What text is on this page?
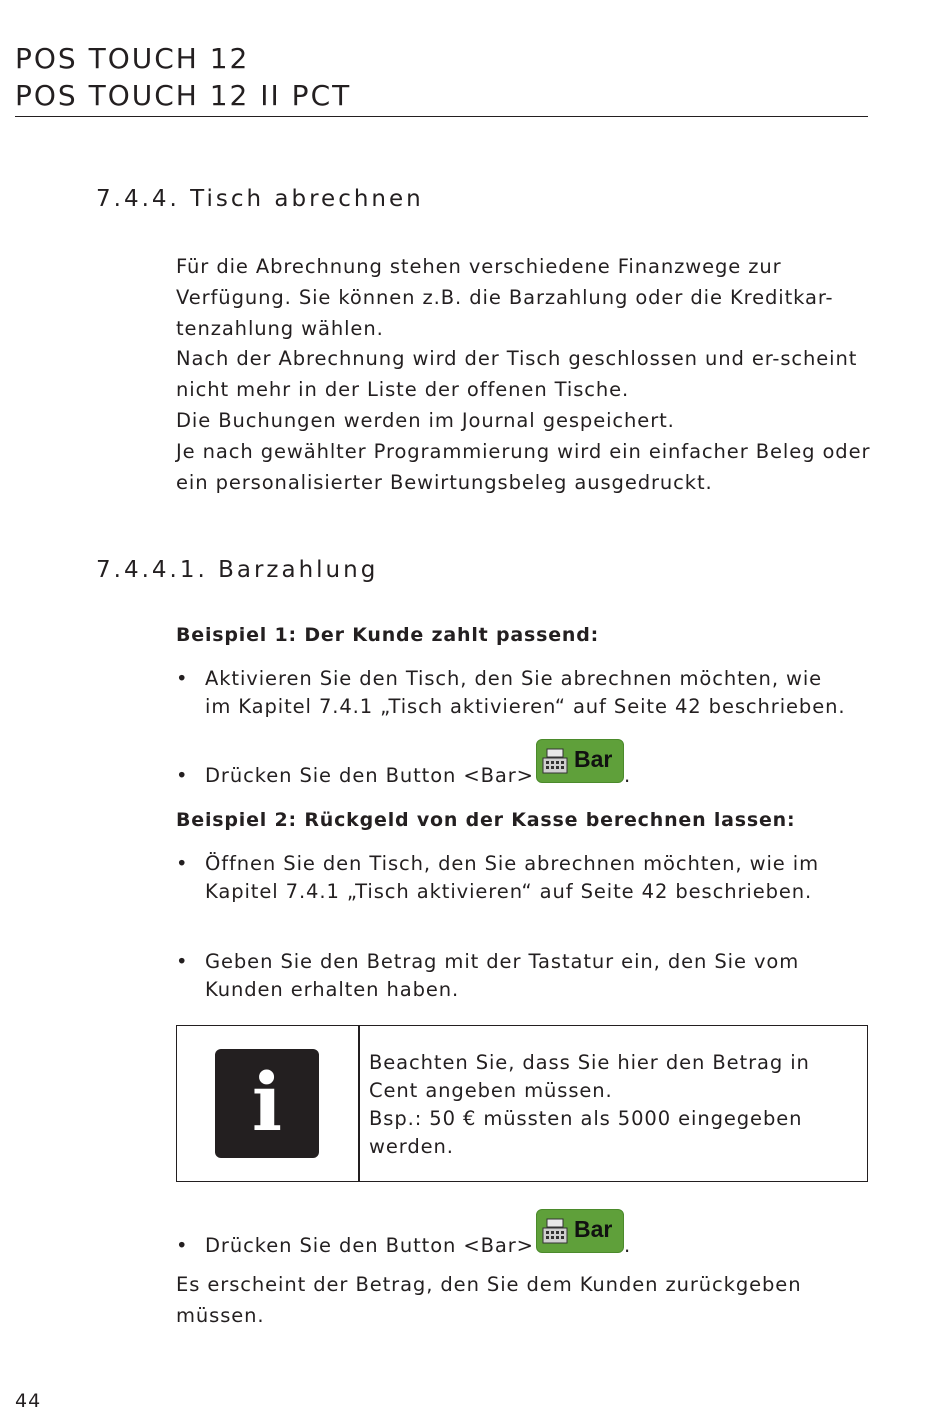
POS TOUCH 12
POS TOUCH 12 II PCT
7.4.4. Tisch abrechnen

Für die Abrechnung stehen verschiedene Finanzwege zur Verfügung. Sie können z.B. die Barzahlung oder die Kreditkar-tenzahlung wählen.

Nach der Abrechnung wird der Tisch geschlossen und er-scheint nicht mehr in der Liste der offenen Tische.

Die Buchungen werden im Journal gespeichert.

Je nach gewählter Programmierung wird ein einfacher Beleg oder ein personalisierter Bewirtungsbeleg ausgedruckt.

7.4.4.1. Barzahlung
Beispiel 1: Der Kunde zahlt passend:
• Aktivieren Sie den Tisch, den Sie abrechnen möchten, wie im Kapitel 7.4.1 „Tisch aktivieren“ auf Seite 42 beschrieben.
• Drücken Sie den Button <Bar>
Bar
.
Beispiel 2: Rückgeld von der Kasse berechnen lassen:
• Öffnen Sie den Tisch, den Sie abrechnen möchten, wie im Kapitel 7.4.1 „Tisch aktivieren“ auf Seite 42 beschrieben.
• Geben Sie den Betrag mit der Tastatur ein, den Sie vom Kunden erhalten haben.
i	Beachten Sie, dass Sie hier den Betrag in Cent angeben müssen.

Bsp.: 50 € müssten als 5000 eingegeben werden.

• Drücken Sie den Button <Bar>
Bar
.
Es erscheint der Betrag, den Sie dem Kunden zurückgeben müssen.
44
